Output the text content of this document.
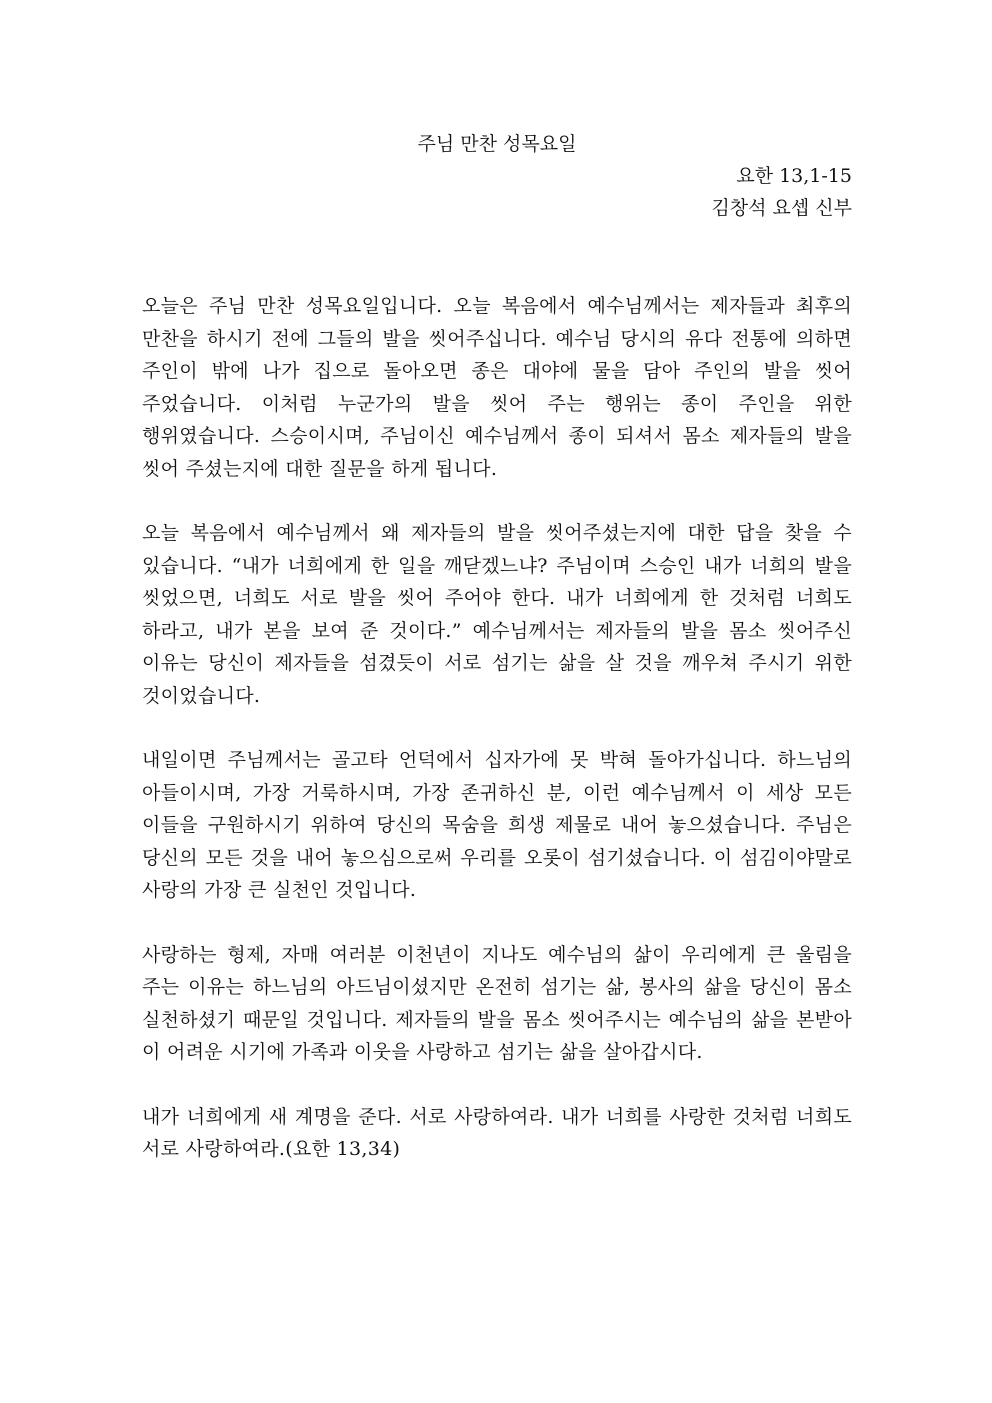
주님 만찬 성목요일

요한 13,1-15

김창석 요셉 신부

오늘은 주님 만찬 성목요일입니다. 오늘 복음에서 예수님께서는 제자들과 최후의 만찬을 하시기 전에 그들의 발을 씻어주십니다. 예수님 당시의 유다 전통에 의하면 주인이 밖에 나가 집으로 돌아오면 종은 대야에 물을 담아 주인의 발을 씻어 주었습니다. 이처럼 누군가의 발을 씻어 주는 행위는 종이 주인을 위한 행위였습니다. 스승이시며, 주님이신 예수님께서 종이 되셔서 몸소 제자들의 발을 씻어 주셨는지에 대한 질문을 하게 됩니다.

오늘 복음에서 예수님께서 왜 제자들의 발을 씻어주셨는지에 대한 답을 찾을 수 있습니다. “내가 너희에게 한 일을 깨닫겠느냐? 주님이며 스승인 내가 너희의 발을 씻었으면, 너희도 서로 발을 씻어 주어야 한다. 내가 너희에게 한 것처럼 너희도 하라고, 내가 본을 보여 준 것이다.” 예수님께서는 제자들의 발을 몸소 씻어주신 이유는 당신이 제자들을 섬겼듯이 서로 섬기는 삶을 살 것을 깨우쳐 주시기 위한 것이었습니다.

내일이면 주님께서는 골고타 언덕에서 십자가에 못 박혀 돌아가십니다. 하느님의 아들이시며, 가장 거룩하시며, 가장 존귀하신 분, 이런 예수님께서 이 세상 모든 이들을 구원하시기 위하여 당신의 목숨을 희생 제물로 내어 놓으셨습니다. 주님은 당신의 모든 것을 내어 놓으심으로써 우리를 오롯이 섬기셨습니다. 이 섬김이야말로 사랑의 가장 큰 실천인 것입니다.

사랑하는 형제, 자매 여러분 이천년이 지나도 예수님의 삶이 우리에게 큰 울림을 주는 이유는 하느님의 아드님이셨지만 온전히 섬기는 삶, 봉사의 삶을 당신이 몸소 실천하셨기 때문일 것입니다. 제자들의 발을 몸소 씻어주시는 예수님의 삶을 본받아 이 어려운 시기에 가족과 이웃을 사랑하고 섬기는 삶을 살아갑시다.

내가 너희에게 새 계명을 준다. 서로 사랑하여라. 내가 너희를 사랑한 것처럼 너희도 서로 사랑하여라.(요한 13,34)
